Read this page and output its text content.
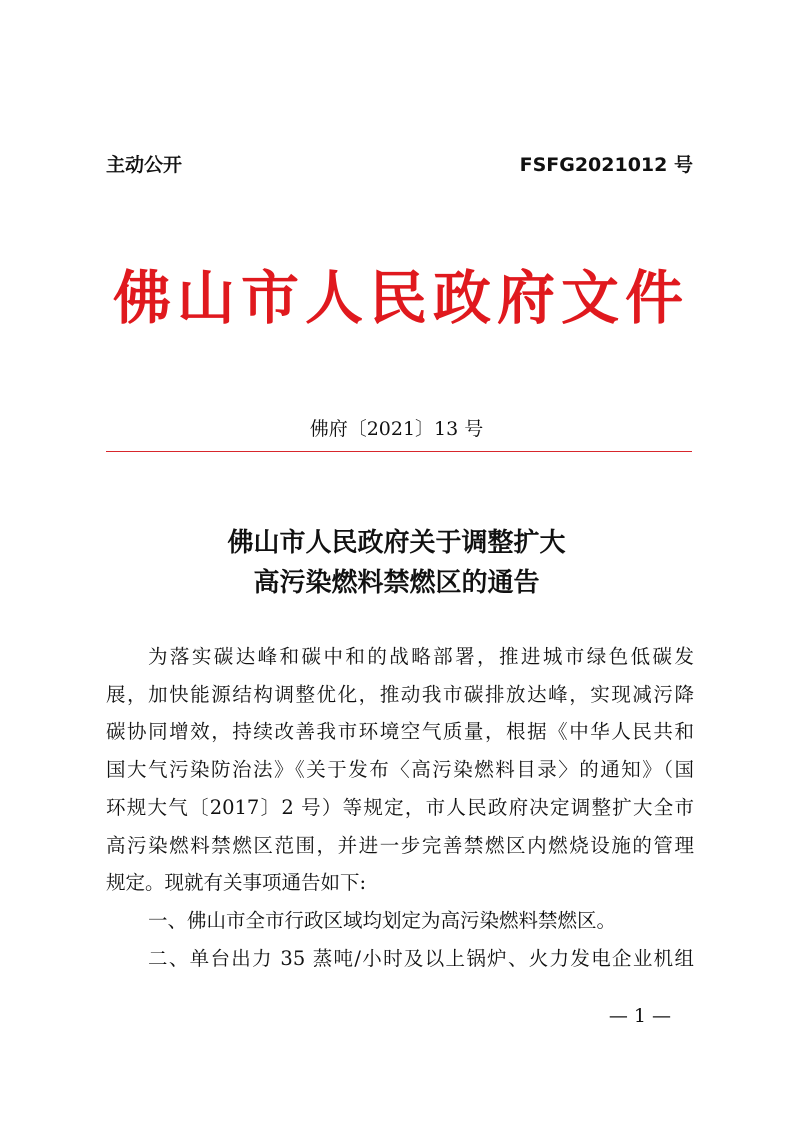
主动公开	FSFG2021012 号
佛山市人民政府文件
佛府〔2021〕13 号
佛山市人民政府关于调整扩大
高污染燃料禁燃区的通告
为落实碳达峰和碳中和的战略部署，推进城市绿色低碳发
展，加快能源结构调整优化，推动我市碳排放达峰，实现减污降
碳协同增效，持续改善我市环境空气质量，根据《中华人民共和
国大气污染防治法》《关于发布〈高污染燃料目录〉的通知》（国
环规大气〔2017〕2 号）等规定，市人民政府决定调整扩大全市
高污染燃料禁燃区范围，并进一步完善禁燃区内燃烧设施的管理
规定。现就有关事项通告如下:
一、佛山市全市行政区域均划定为高污染燃料禁燃区。
二、单台出力 35 蒸吨/小时及以上锅炉、火力发电企业机组
— 1 —
